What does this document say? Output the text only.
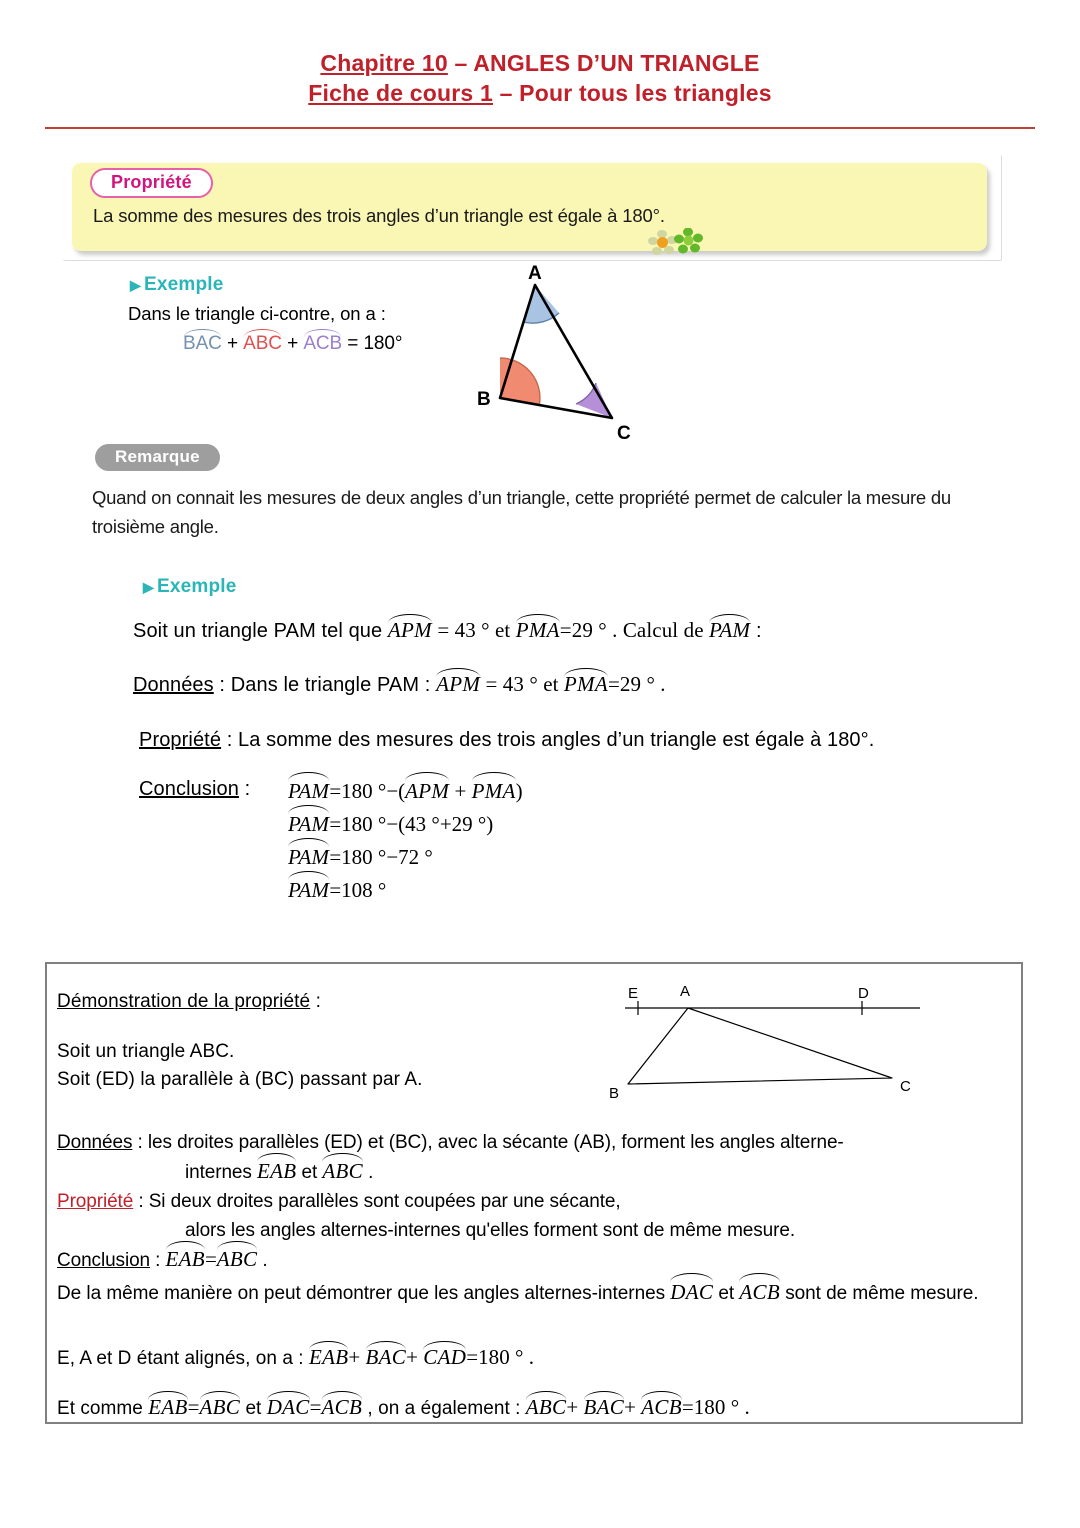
Chapitre 10 – ANGLES D’UN TRIANGLE
Fiche de cours 1 – Pour tous les triangles
Propriété
La somme des mesures des trois angles d’un triangle est égale à 180°.
▶ Exemple
Dans le triangle ci-contre, on a :
BAC + ABC + ACB = 180°
A
B
C
Remarque
Quand on connait les mesures de deux angles d’un triangle, cette propriété permet de calculer la mesure du troisième angle.
▶ Exemple
Soit un triangle PAM tel que
APM = 43 ° et
PMA=29 ° . Calcul de
PAM :
Données : Dans le triangle PAM :
APM = 43 ° et
PMA=29 ° .
Propriété : La somme des mesures des trois angles d’un triangle est égale à 180°.
Conclusion : PAM=180 °−(
APM +
PMA)
PAM=180 °−(43 °+29 °)
PAM=180 °−72 °
PAM=108 °
Démonstration de la propriété :
Soit un triangle ABC.
Soit (ED) la parallèle à (BC) passant par A.
E	A	D
B	C
Données : les droites parallèles (ED) et (BC), avec la sécante (AB), forment les angles alterne-
internes
EAB et
ABC .
Propriété : Si deux droites parallèles sont coupées par une sécante,
alors les angles alternes-internes qu'elles forment sont de même mesure.
Conclusion :
EAB=
ABC .
De la même manière on peut démontrer que les angles alternes-internes
DAC et
ACB sont de même mesure.
E, A et D étant alignés, on a :
EAB+
BAC+
CAD=180 ° .
Et comme
EAB=
ABC et
DAC=
ACB , on a également :
ABC+
BAC+
ACB=180 ° .
